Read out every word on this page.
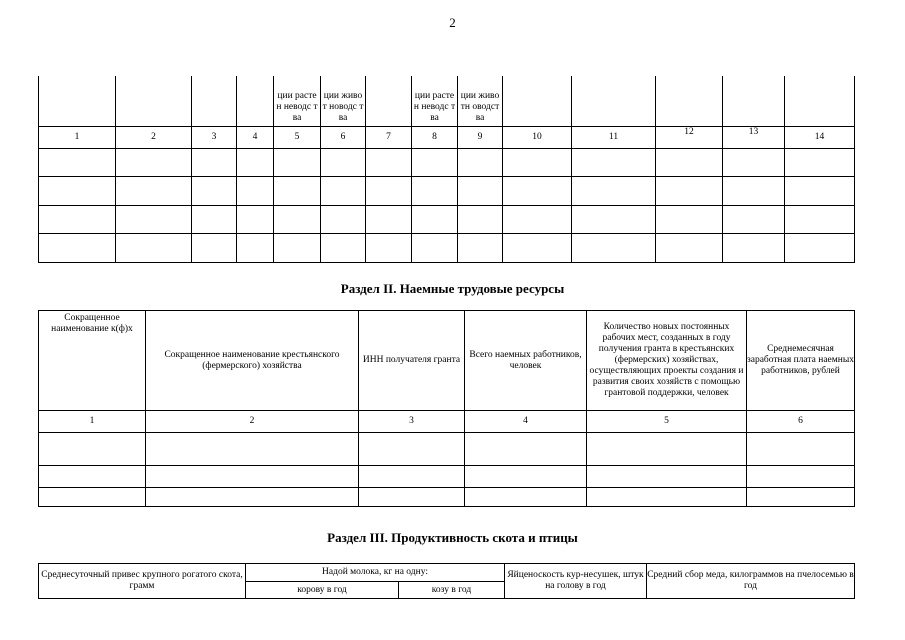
2

				ции растен неводс тва	ции живот новодс тва		ции растен неводс тва	ции животн оводст ва					

1	2	3	4	5	6	7	8	9	10	11	12	13	14

Раздел II. Наемные трудовые ресурсы
Сокращенное наименование к(ф)х	Сокращенное наименование крестьянского (фермерского) хозяйства	ИНН получателя гранта	Всего наемных работников, человек	Количество новых постоянных рабочих мест, созданных в году получения гранта в крестьянских (фермерских) хозяйствах, осуществляющих проекты создания и развития своих хозяйств с помощью грантовой поддержки, человек	Среднемесячная заработная плата наемных работников, рублей
1	2	3	4	5	6

Раздел III. Продуктивность скота и птицы
Среднесуточный привес крупного рогатого скота, грамм	Надой молока, кг на одну:		Яйценоскость кур-несушек, штук на голову в год	Средний сбор меда, килограммов на пчелосемью в год
	корову в год	козу в год		
